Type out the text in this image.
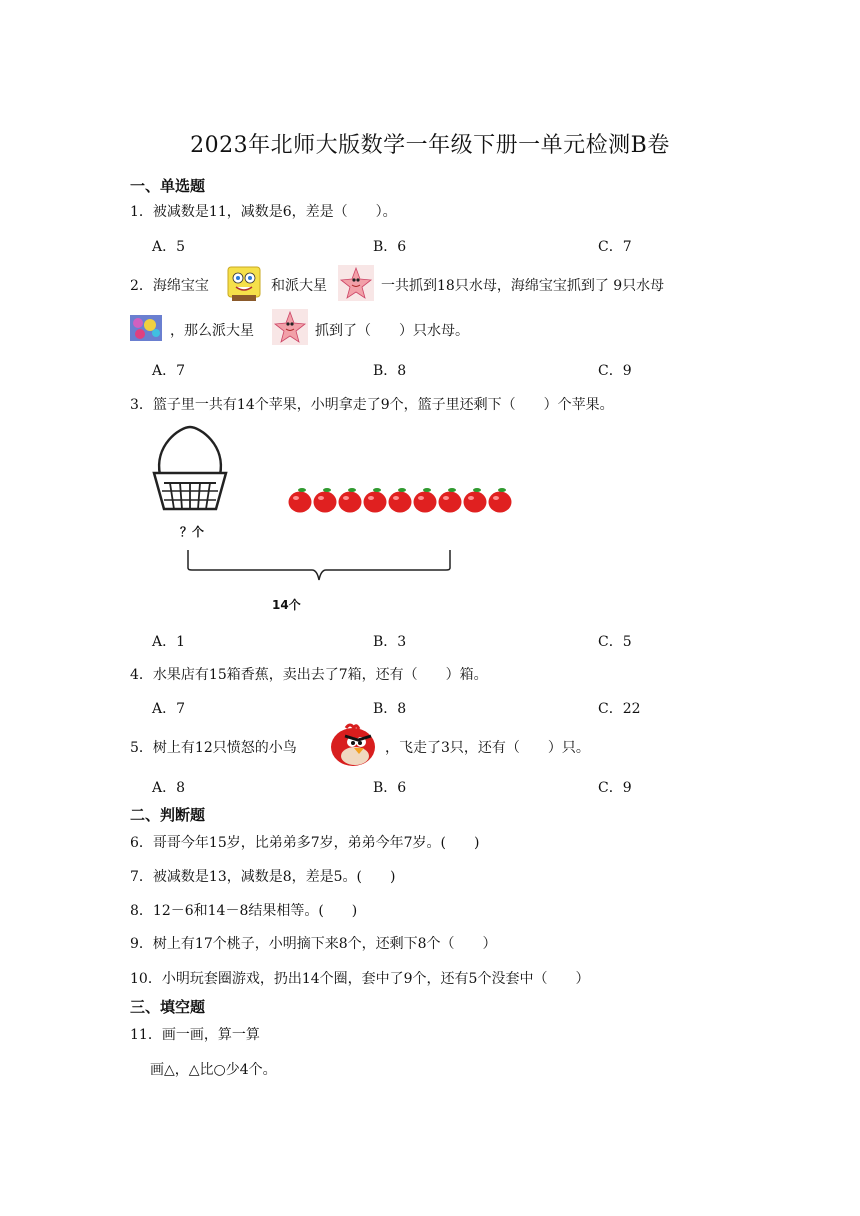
2023年北师大版数学一年级下册一单元检测B卷
一、单选题
1．被减数是11，减数是6，差是（　　）。
A．5	B．6	C．7
2．海绵宝宝	和派大星	一共抓到18只水母，海绵宝宝抓到了 9只水母
，那么派大星	抓到了（　　）只水母。
A．7	B．8	C．9
3．篮子里一共有14个苹果，小明拿走了9个，篮子里还剩下（　　）个苹果。
？个
14个
A．1	B．3	C．5
4．水果店有15箱香蕉，卖出去了7箱，还有（　　）箱。
A．7	B．8	C．22
5．树上有12只愤怒的小鸟	，飞走了3只，还有（　　）只。
A．8	B．6	C．9
二、判断题
6．哥哥今年15岁，比弟弟多7岁，弟弟今年7岁。(　　)
7．被减数是13，减数是8，差是5。(　　)
8．12－6和14－8结果相等。(　　)
9．树上有17个桃子，小明摘下来8个，还剩下8个（　　）
10．小明玩套圈游戏，扔出14个圈，套中了9个，还有5个没套中（　　）
三、填空题
11．画一画，算一算
画△，△比○少4个。
